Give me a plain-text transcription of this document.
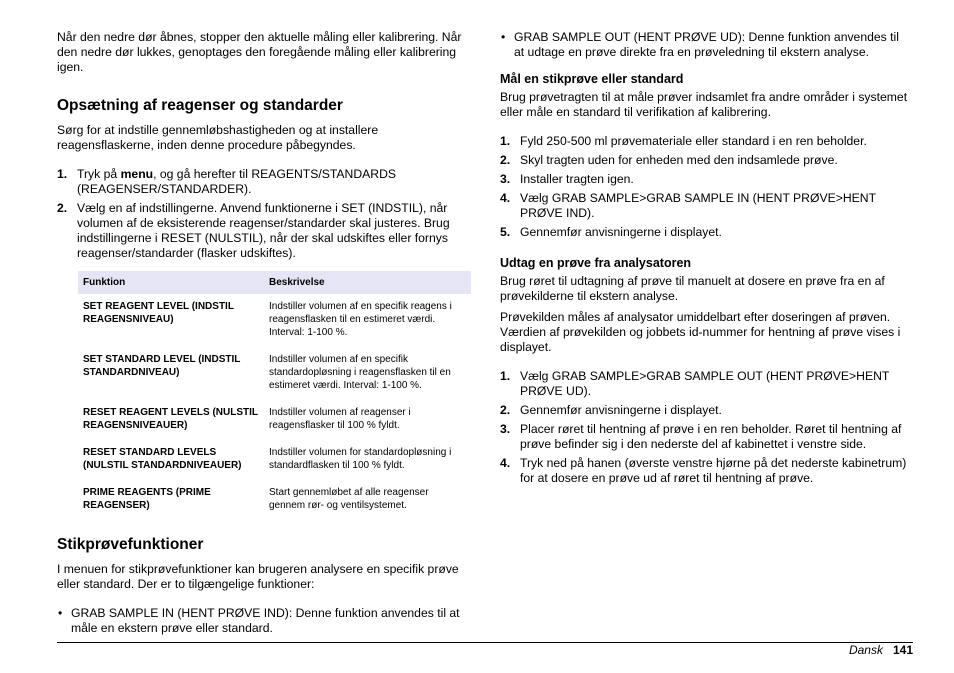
Når den nedre dør åbnes, stopper den aktuelle måling eller kalibrering. Når den nedre dør lukkes, genoptages den foregående måling eller kalibrering igen.

Opsætning af reagenser og standarder

Sørg for at indstille gennemløbshastigheden og at installere reagensflaskerne, inden denne procedure påbegyndes.

1. Tryk på menu, og gå herefter til REAGENTS/STANDARDS (REAGENSER/STANDARDER).
2. Vælg en af indstillingerne. Anvend funktionerne i SET (INDSTIL), når volumen af de eksisterende reagenser/standarder skal justeres. Brug indstillingerne i RESET (NULSTIL), når der skal udskiftes eller fornys reagenser/standarder (flasker udskiftes).
Funktion	Beskrivelse
SET REAGENT LEVEL (INDSTIL REAGENSNIVEAU)	Indstiller volumen af en specifik reagens i reagensflasken til en estimeret værdi. Interval: 1-100 %.
SET STANDARD LEVEL (INDSTIL STANDARDNIVEAU)	Indstiller volumen af en specifik standardopløsning i reagensflasken til en estimeret værdi. Interval: 1-100 %.
RESET REAGENT LEVELS (NULSTIL REAGENSNIVEAUER)	Indstiller volumen af reagenser i reagensflasker til 100 % fyldt.
RESET STANDARD LEVELS (NULSTIL STANDARDNIVEAUER)	Indstiller volumen for standardopløsning i standardflasken til 100 % fyldt.
PRIME REAGENTS (PRIME REAGENSER)	Start gennemløbet af alle reagenser gennem rør- og ventilsystemet.
Stikprøvefunktioner

I menuen for stikprøvefunktioner kan brugeren analysere en specifik prøve eller standard. Der er to tilgængelige funktioner:

• GRAB SAMPLE IN (HENT PRØVE IND): Denne funktion anvendes til at måle en ekstern prøve eller standard.
• GRAB SAMPLE OUT (HENT PRØVE UD): Denne funktion anvendes til at udtage en prøve direkte fra en prøveledning til ekstern analyse.
Mål en stikprøve eller standard

Brug prøvetragten til at måle prøver indsamlet fra andre områder i systemet eller måle en standard til verifikation af kalibrering.

1. Fyld 250-500 ml prøvemateriale eller standard i en ren beholder.
2. Skyl tragten uden for enheden med den indsamlede prøve.
3. Installer tragten igen.
4. Vælg GRAB SAMPLE>GRAB SAMPLE IN (HENT PRØVE>HENT PRØVE IND).
5. Gennemfør anvisningerne i displayet.
Udtag en prøve fra analysatoren

Brug røret til udtagning af prøve til manuelt at dosere en prøve fra en af prøvekilderne til ekstern analyse.

Prøvekilden måles af analysator umiddelbart efter doseringen af prøven. Værdien af prøvekilden og jobbets id-nummer for hentning af prøve vises i displayet.

1. Vælg GRAB SAMPLE>GRAB SAMPLE OUT (HENT PRØVE>HENT PRØVE UD).
2. Gennemfør anvisningerne i displayet.
3. Placer røret til hentning af prøve i en ren beholder. Røret til hentning af prøve befinder sig i den nederste del af kabinettet i venstre side.
4. Tryk ned på hanen (øverste venstre hjørne på det nederste kabinetrum) for at dosere en prøve ud af røret til hentning af prøve.
Dansk 141
